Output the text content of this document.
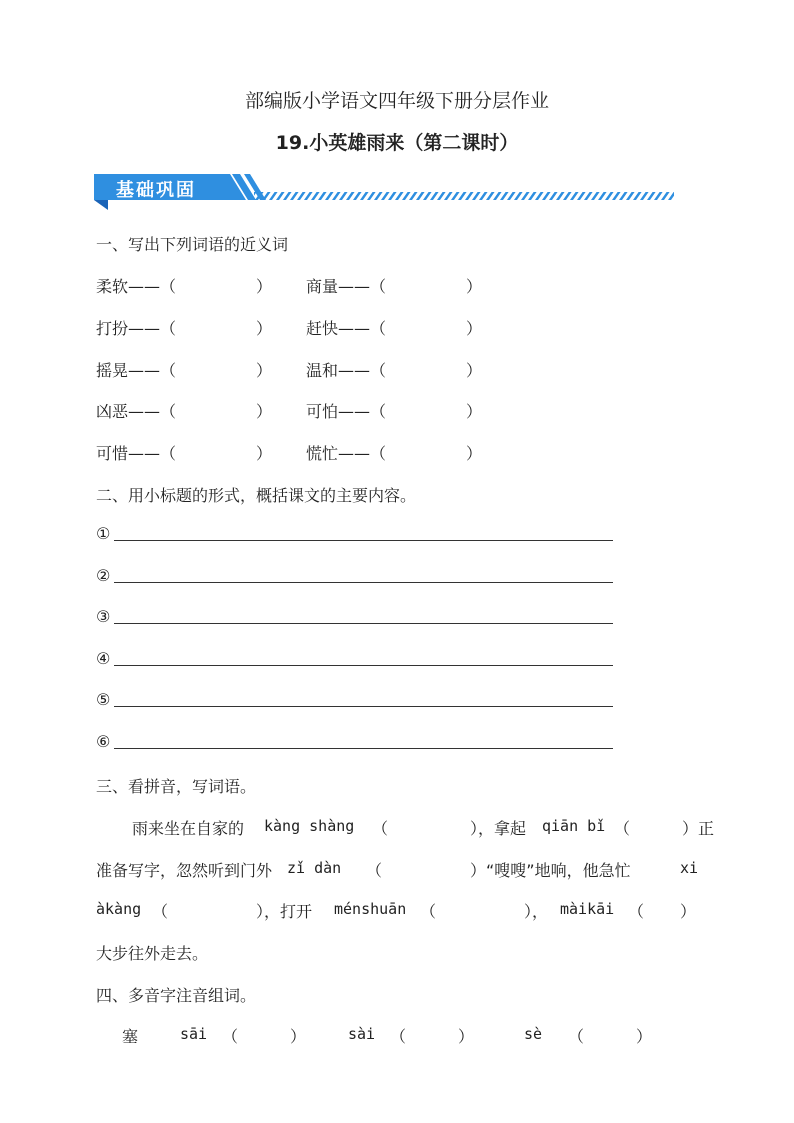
部编版小学语文四年级下册分层作业
19.小英雄雨来（第二课时）
基础巩固
一、写出下列词语的近义词
柔软——（	） 商量——（	）
打扮——（	） 赶快——（	）
摇晃——（	） 温和——（	）
凶恶——（	） 可怕——（	）
可惜——（	） 慌忙——（	）
二、用小标题的形式，概括课文的主要内容。
①
②
③
④
⑤
⑥
三、看拼音，写词语。
雨来坐在自家的 kàng shàng （	），拿起 qiān bǐ （	）正
准备写字，忽然听到门外 zǐ dàn （	）“嗖嗖”地响，他急忙	xi
àkàng （	），打开 ménshuān （	）， màikāi （ ）
大步往外走去。
四、多音字注音组词。
塞	sāi （	）	sài （	）	sè （	）
